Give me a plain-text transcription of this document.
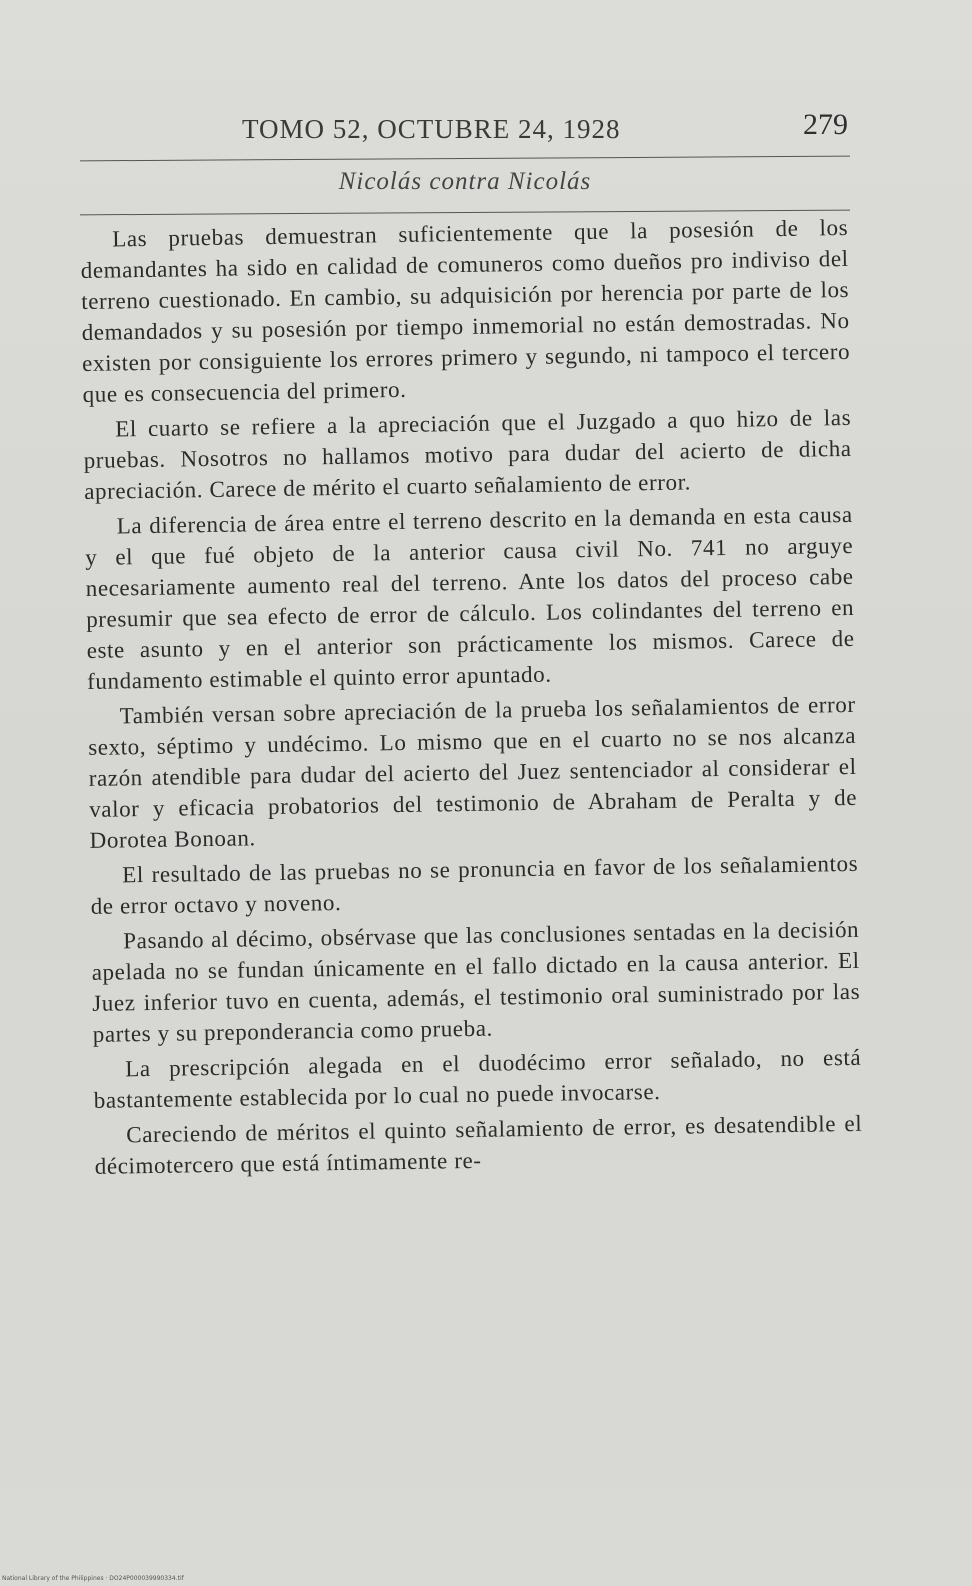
TOMO 52, OCTUBRE 24, 1928	279
Nicolás contra Nicolás

Las pruebas demuestran suficientemente que la posesión de los demandantes ha sido en calidad de comuneros como dueños pro indiviso del terreno cuestionado. En cambio, su adquisición por herencia por parte de los demandados y su posesión por tiempo inmemorial no están demostradas. No existen por consiguiente los errores primero y segundo, ni tampoco el tercero que es consecuencia del primero.

El cuarto se refiere a la apreciación que el Juzgado a quo hizo de las pruebas. Nosotros no hallamos motivo para dudar del acierto de dicha apreciación. Carece de mérito el cuarto señalamiento de error.

La diferencia de área entre el terreno descrito en la demanda en esta causa y el que fué objeto de la anterior causa civil No. 741 no arguye necesariamente aumento real del terreno. Ante los datos del proceso cabe presumir que sea efecto de error de cálculo. Los colindantes del terreno en este asunto y en el anterior son prácticamente los mismos. Carece de fundamento estimable el quinto error apuntado.

También versan sobre apreciación de la prueba los señalamientos de error sexto, séptimo y undécimo. Lo mismo que en el cuarto no se nos alcanza razón atendible para dudar del acierto del Juez sentenciador al considerar el valor y eficacia probatorios del testimonio de Abraham de Peralta y de Dorotea Bonoan.

El resultado de las pruebas no se pronuncia en favor de los señalamientos de error octavo y noveno.

Pasando al décimo, obsérvase que las conclusiones sentadas en la decisión apelada no se fundan únicamente en el fallo dictado en la causa anterior. El Juez inferior tuvo en cuenta, además, el testimonio oral suministrado por las partes y su preponderancia como prueba.

La prescripción alegada en el duodécimo error señalado, no está bastantemente establecida por lo cual no puede invocarse.

Careciendo de méritos el quinto señalamiento de error, es desatendible el décimotercero que está íntimamente re-

National Library of the Philippines · DO24P000039990334.tif
